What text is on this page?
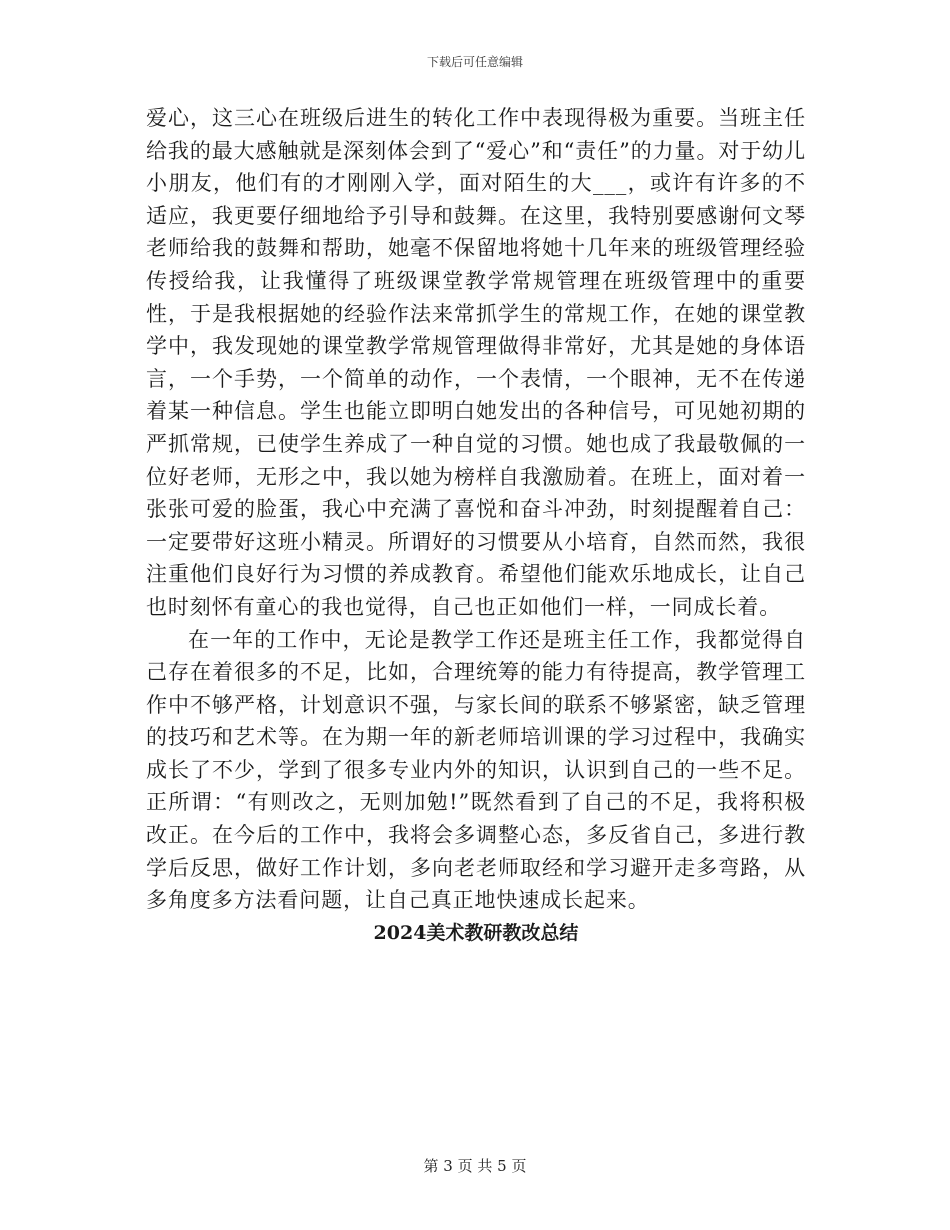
下载后可任意编辑

爱心，这三心在班级后进生的转化工作中表现得极为重要。当班主任给我的最大感触就是深刻体会到了“爱心”和“责任”的力量。对于幼儿小朋友，他们有的才刚刚入学，面对陌生的大___，或许有许多的不适应，我更要仔细地给予引导和鼓舞。在这里，我特别要感谢何文琴老师给我的鼓舞和帮助，她毫不保留地将她十几年来的班级管理经验传授给我，让我懂得了班级课堂教学常规管理在班级管理中的重要性，于是我根据她的经验作法来常抓学生的常规工作，在她的课堂教学中，我发现她的课堂教学常规管理做得非常好，尤其是她的身体语言，一个手势，一个简单的动作，一个表情，一个眼神，无不在传递着某一种信息。学生也能立即明白她发出的各种信号，可见她初期的严抓常规，已使学生养成了一种自觉的习惯。她也成了我最敬佩的一位好老师，无形之中，我以她为榜样自我激励着。在班上，面对着一张张可爱的脸蛋，我心中充满了喜悦和奋斗冲劲，时刻提醒着自己：一定要带好这班小精灵。所谓好的习惯要从小培育，自然而然，我很注重他们良好行为习惯的养成教育。希望他们能欢乐地成长，让自己也时刻怀有童心的我也觉得，自己也正如他们一样，一同成长着。

在一年的工作中，无论是教学工作还是班主任工作，我都觉得自己存在着很多的不足，比如，合理统筹的能力有待提高，教学管理工作中不够严格，计划意识不强，与家长间的联系不够紧密，缺乏管理的技巧和艺术等。在为期一年的新老师培训课的学习过程中，我确实成长了不少，学到了很多专业内外的知识，认识到自己的一些不足。正所谓：“有则改之，无则加勉!”既然看到了自己的不足，我将积极改正。在今后的工作中，我将会多调整心态，多反省自己，多进行教学后反思，做好工作计划，多向老老师取经和学习避开走多弯路，从多角度多方法看问题，让自己真正地快速成长起来。

2024美术教研教改总结

第 3 页 共 5 页
